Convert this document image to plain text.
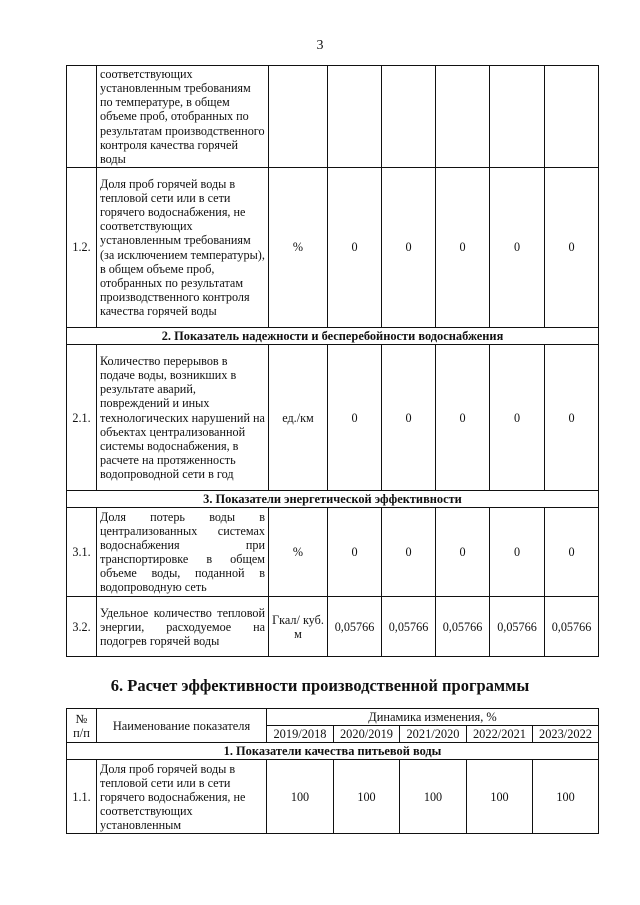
3
	соответствующих установленным требованиям по температуре, в общем объеме проб, отобранных по результатам производственного контроля качества горячей воды						
1.2.	Доля проб горячей воды в тепловой сети или в сети горячего водоснабжения, не соответствующих установленным требованиям (за исключением температуры), в общем объеме проб, отобранных по результатам производственного контроля качества горячей воды	%	0	0	0	0	0
2. Показатель надежности и бесперебойности водоснабжения							
2.1.	Количество перерывов в подаче воды, возникших в результате аварий, повреждений и иных технологических нарушений на объектах централизованной системы водоснабжения, в расчете на протяженность водопроводной сети в год	ед./км	0	0	0	0	0
3. Показатели энергетической эффективности							
3.1.	Доля потерь воды в централизованных системах водоснабжения при транспортировке в общем объеме воды, поданной в водопроводную сеть	%	0	0	0	0	0
3.2.	Удельное количество тепловой энергии, расходуемое на подогрев горячей воды	Гкал/ куб. м	0,05766	0,05766	0,05766	0,05766	0,05766
6. Расчет эффективности производственной программы
№ п/п	Наименование показателя	Динамика изменения, %				
		2019/2018	2020/2019	2021/2020	2022/2021	2023/2022
1. Показатели качества питьевой воды						
1.1.	Доля проб горячей воды в тепловой сети или в сети горячего водоснабжения, не соответствующих установленным	100	100	100	100	100
